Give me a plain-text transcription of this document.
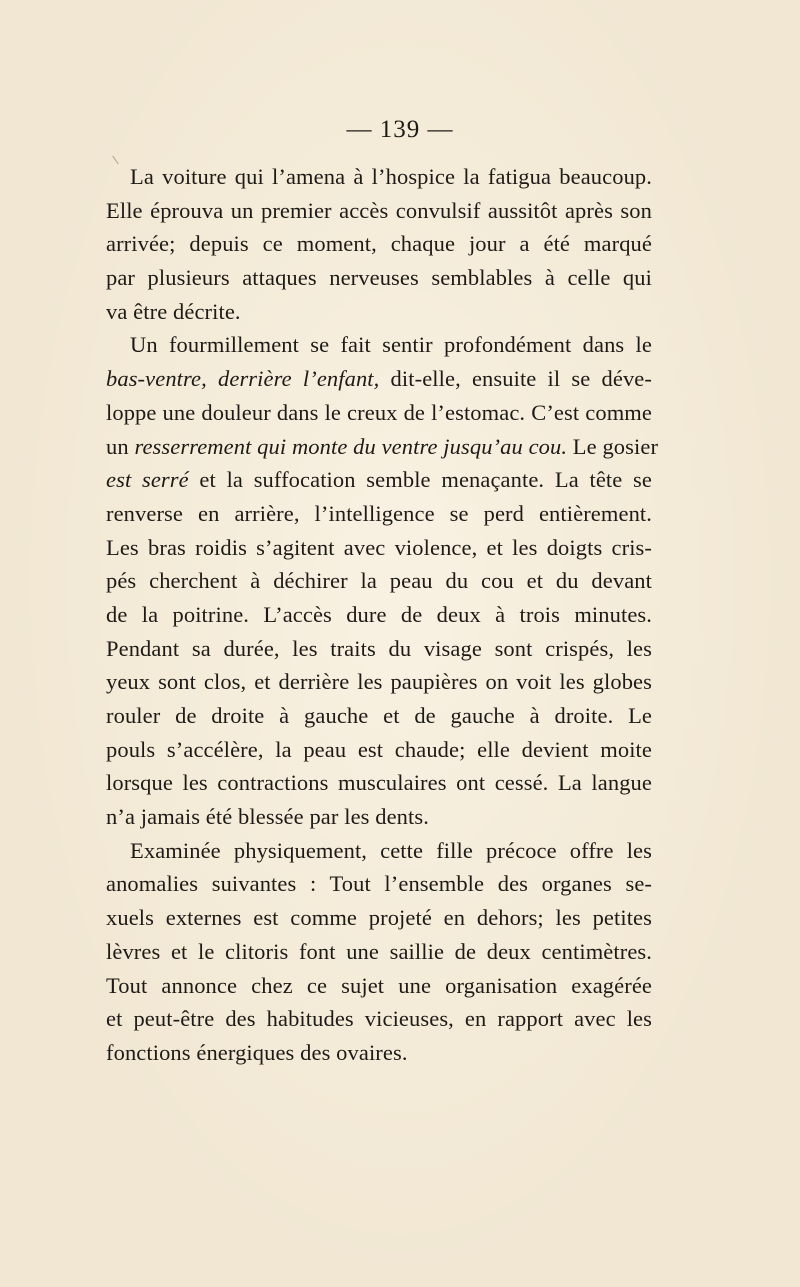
— 139 —
La voiture qui l’amena à l’hospice la fatigua beaucoup.
Elle éprouva un premier accès convulsif aussitôt après son
arrivée; depuis ce moment, chaque jour a été marqué
par plusieurs attaques nerveuses semblables à celle qui
va être décrite.
Un fourmillement se fait sentir profondément dans le
bas-ventre, derrière l’enfant, dit-elle, ensuite il se déve-
loppe une douleur dans le creux de l’estomac. C’est comme
un resserrement qui monte du ventre jusqu’au cou. Le gosier
est serré et la suffocation semble menaçante. La tête se
renverse en arrière, l’intelligence se perd entièrement.
Les bras roidis s’agitent avec violence, et les doigts cris-
pés cherchent à déchirer la peau du cou et du devant
de la poitrine. L’accès dure de deux à trois minutes.
Pendant sa durée, les traits du visage sont crispés, les
yeux sont clos, et derrière les paupières on voit les globes
rouler de droite à gauche et de gauche à droite. Le
pouls s’accélère, la peau est chaude; elle devient moite
lorsque les contractions musculaires ont cessé. La langue
n’a jamais été blessée par les dents.
Examinée physiquement, cette fille précoce offre les
anomalies suivantes : Tout l’ensemble des organes se-
xuels externes est comme projeté en dehors; les petites
lèvres et le clitoris font une saillie de deux centimètres.
Tout annonce chez ce sujet une organisation exagérée
et peut-être des habitudes vicieuses, en rapport avec les
fonctions énergiques des ovaires.
